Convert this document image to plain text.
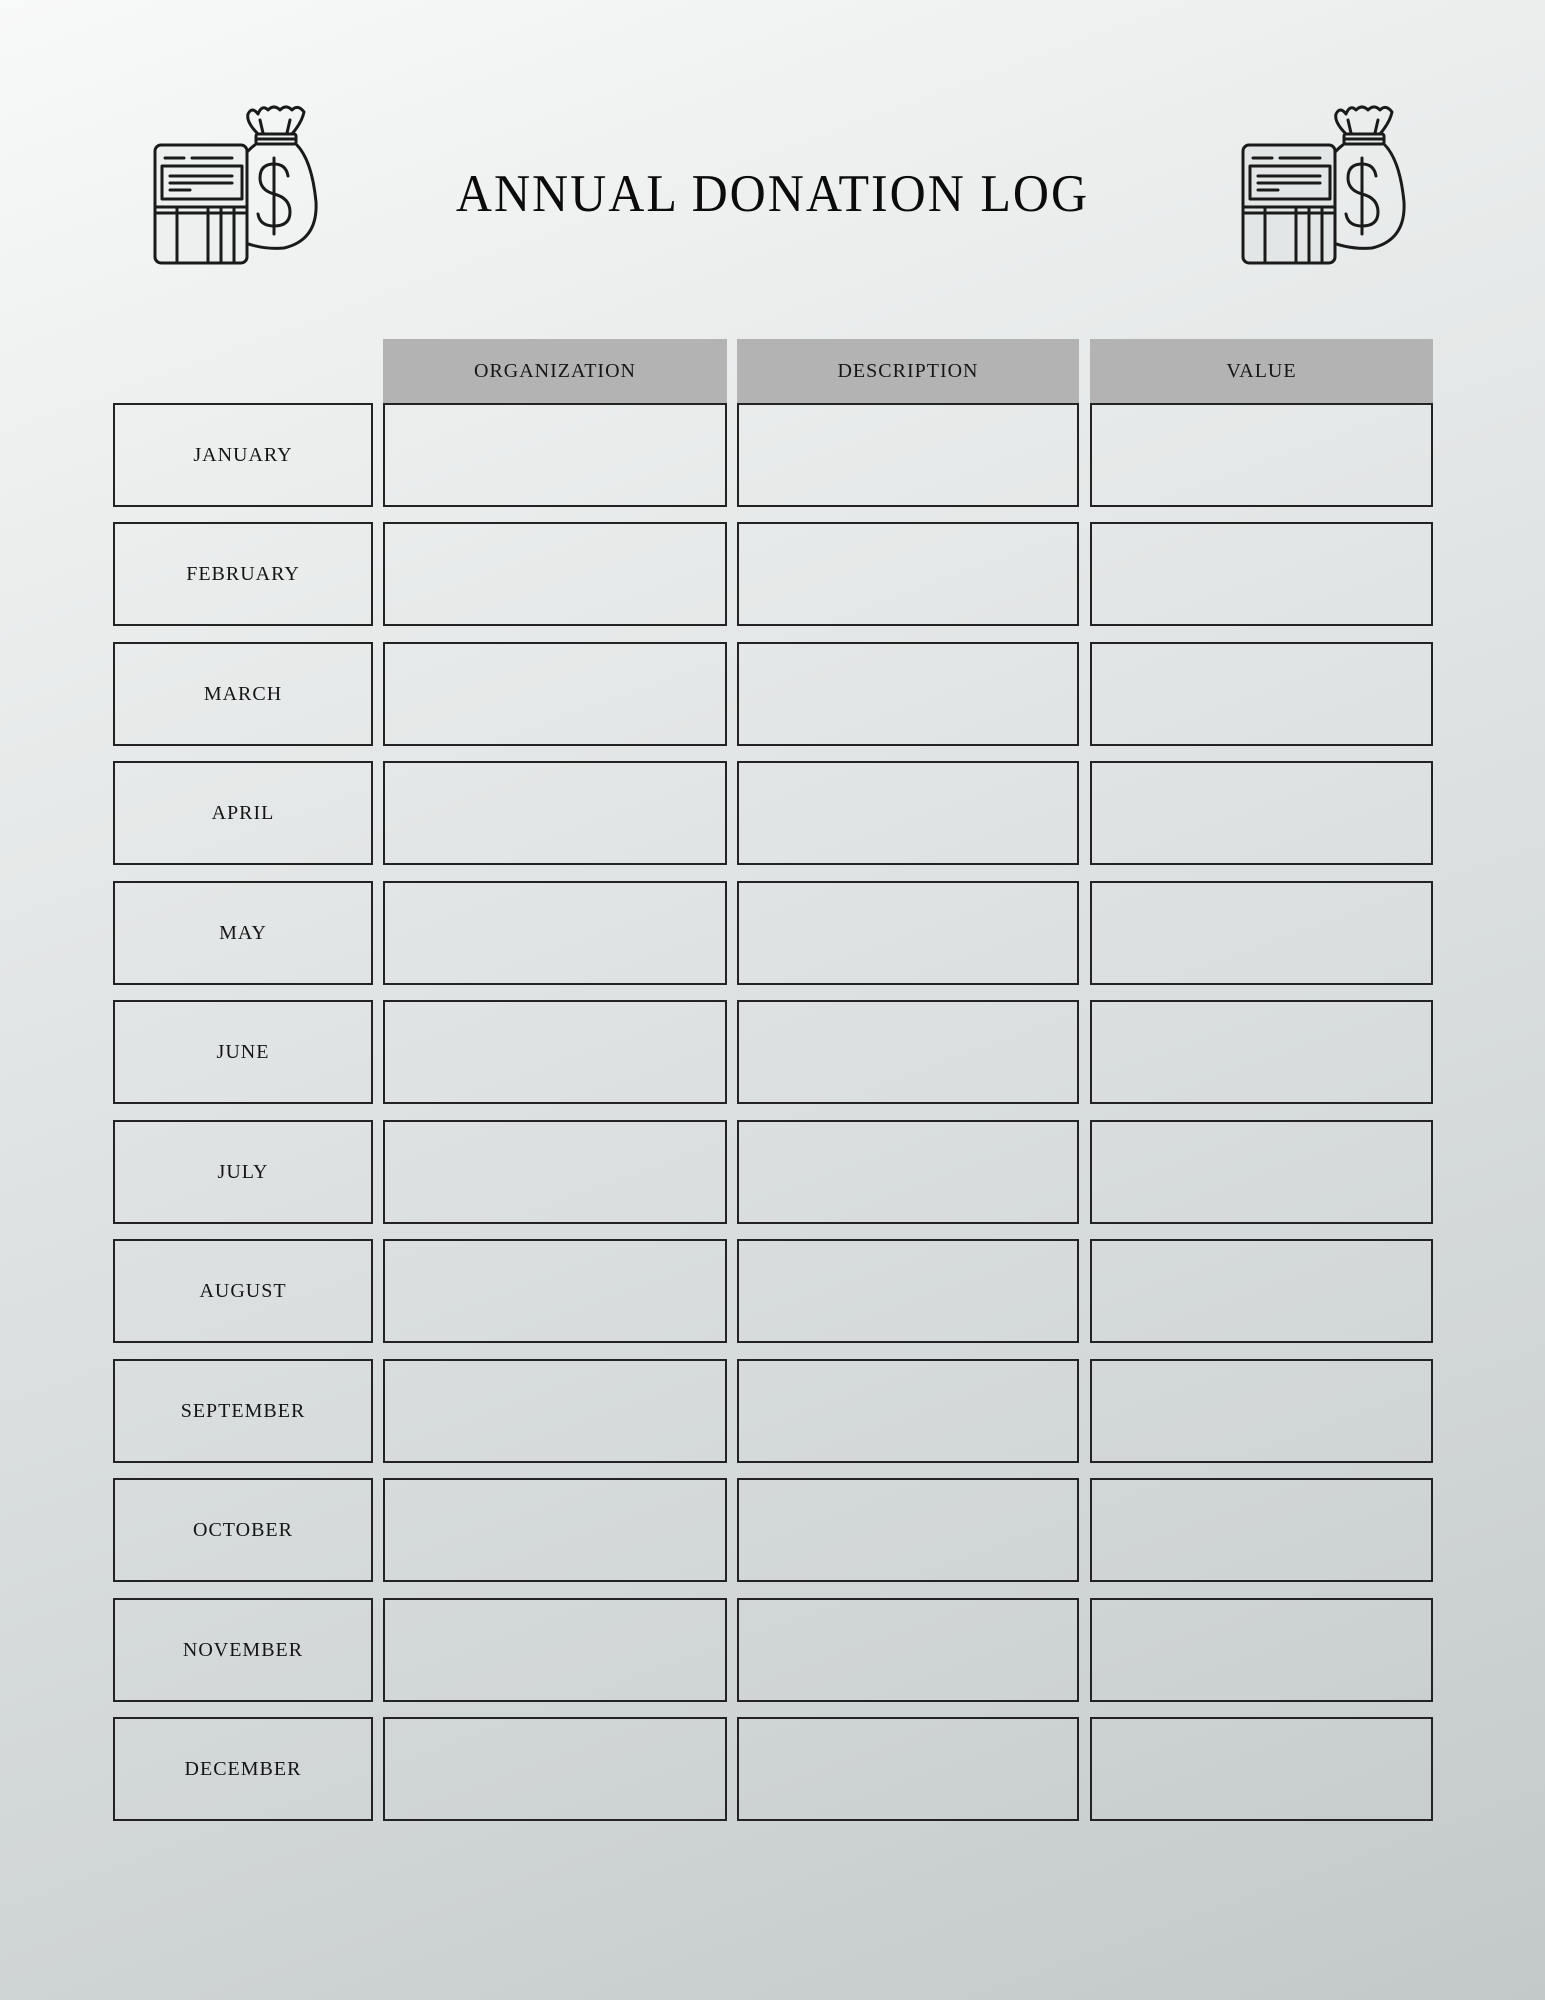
ANNUAL DONATION LOG
ORGANIZATION	DESCRIPTION	VALUE
JANUARY
FEBRUARY
MARCH
APRIL
MAY
JUNE
JULY
AUGUST
SEPTEMBER
OCTOBER
NOVEMBER
DECEMBER
